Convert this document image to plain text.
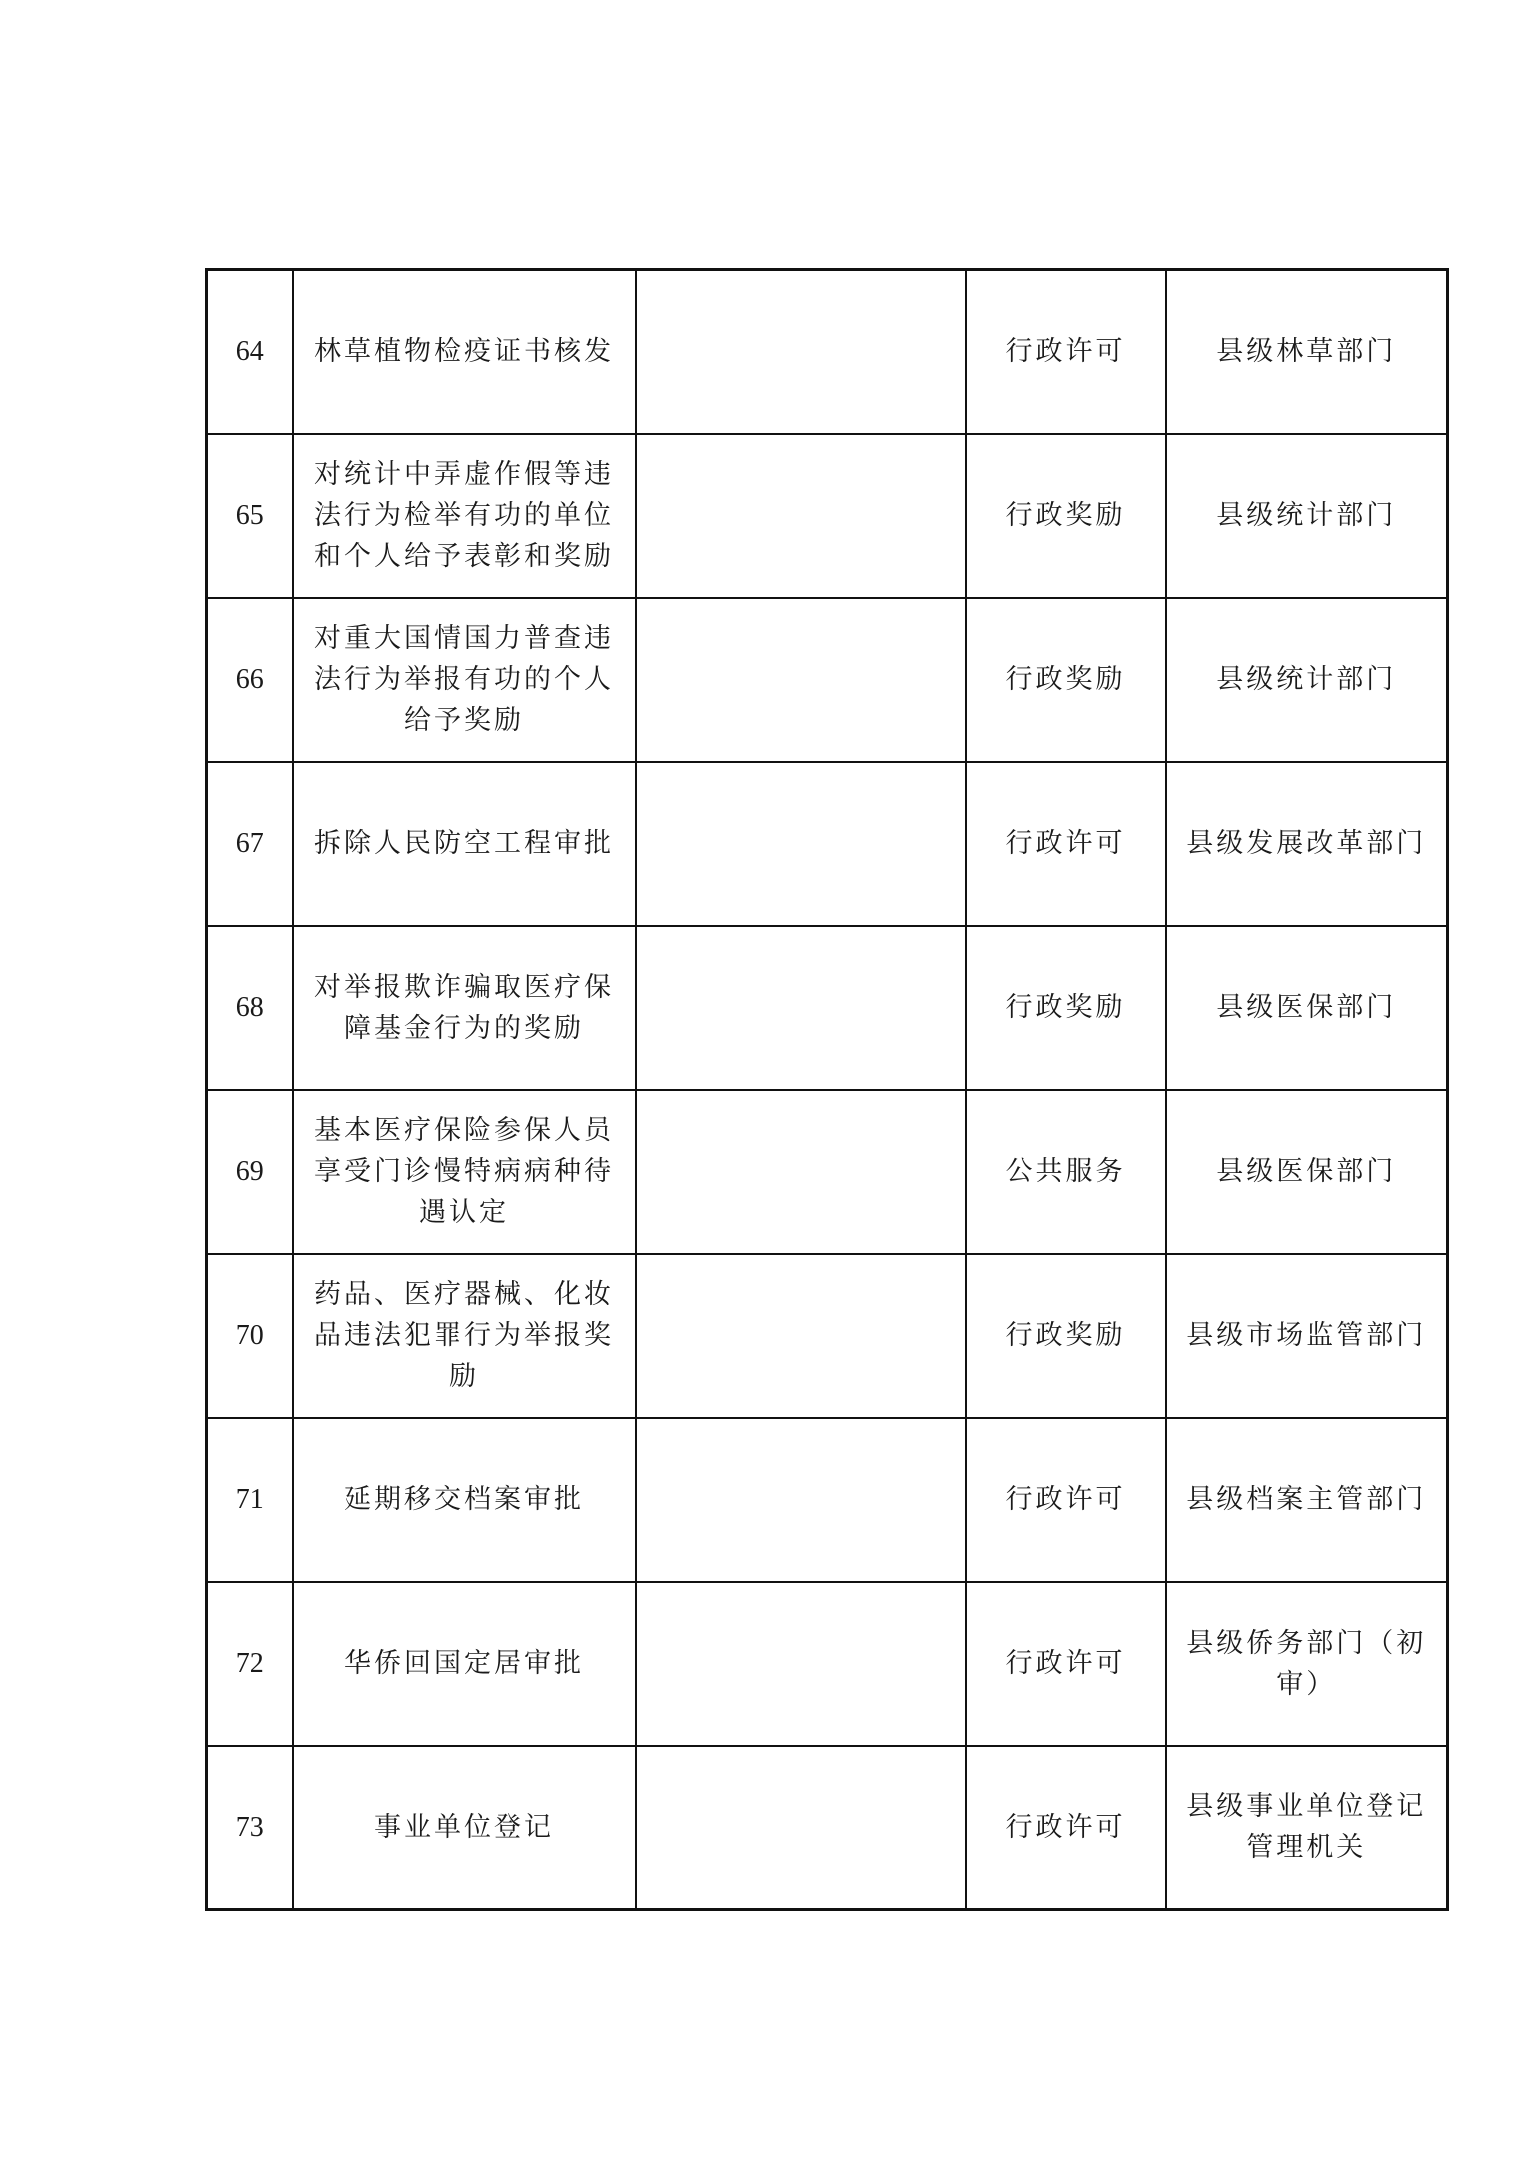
64	林草植物检疫证书核发		行政许可	县级林草部门
65	对统计中弄虚作假等违法行为检举有功的单位和个人给予表彰和奖励		行政奖励	县级统计部门
66	对重大国情国力普查违法行为举报有功的个人给予奖励		行政奖励	县级统计部门
67	拆除人民防空工程审批		行政许可	县级发展改革部门
68	对举报欺诈骗取医疗保障基金行为的奖励		行政奖励	县级医保部门
69	基本医疗保险参保人员享受门诊慢特病病种待遇认定		公共服务	县级医保部门
70	药品、医疗器械、化妆品违法犯罪行为举报奖励		行政奖励	县级市场监管部门
71	延期移交档案审批		行政许可	县级档案主管部门
72	华侨回国定居审批		行政许可	县级侨务部门（初审）
73	事业单位登记		行政许可	县级事业单位登记管理机关
